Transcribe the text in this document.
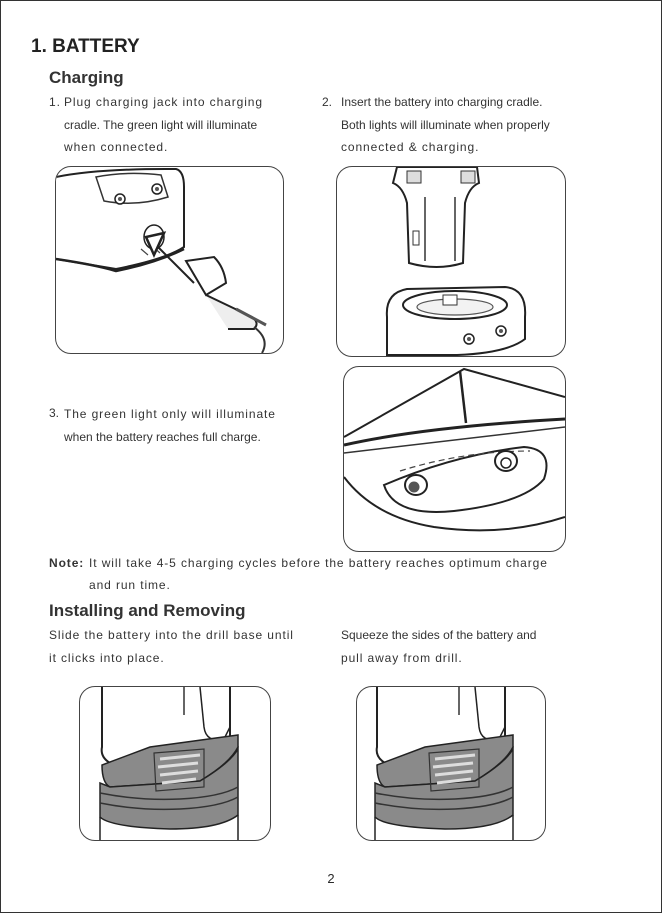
1. BATTERY
Charging
1. Plug charging jack into charging
cradle. The green light will illuminate
when connected.
2. Insert the battery into charging cradle.
Both lights will illuminate when properly
connected & charging.
3. The green light only will illuminate
when the battery reaches full charge.
Note: It will take 4-5 charging cycles before the battery reaches optimum charge
and run time.
Installing and Removing
Slide the battery into the drill base until
it clicks into place.
Squeeze the sides of the battery and
pull away from drill.
2
